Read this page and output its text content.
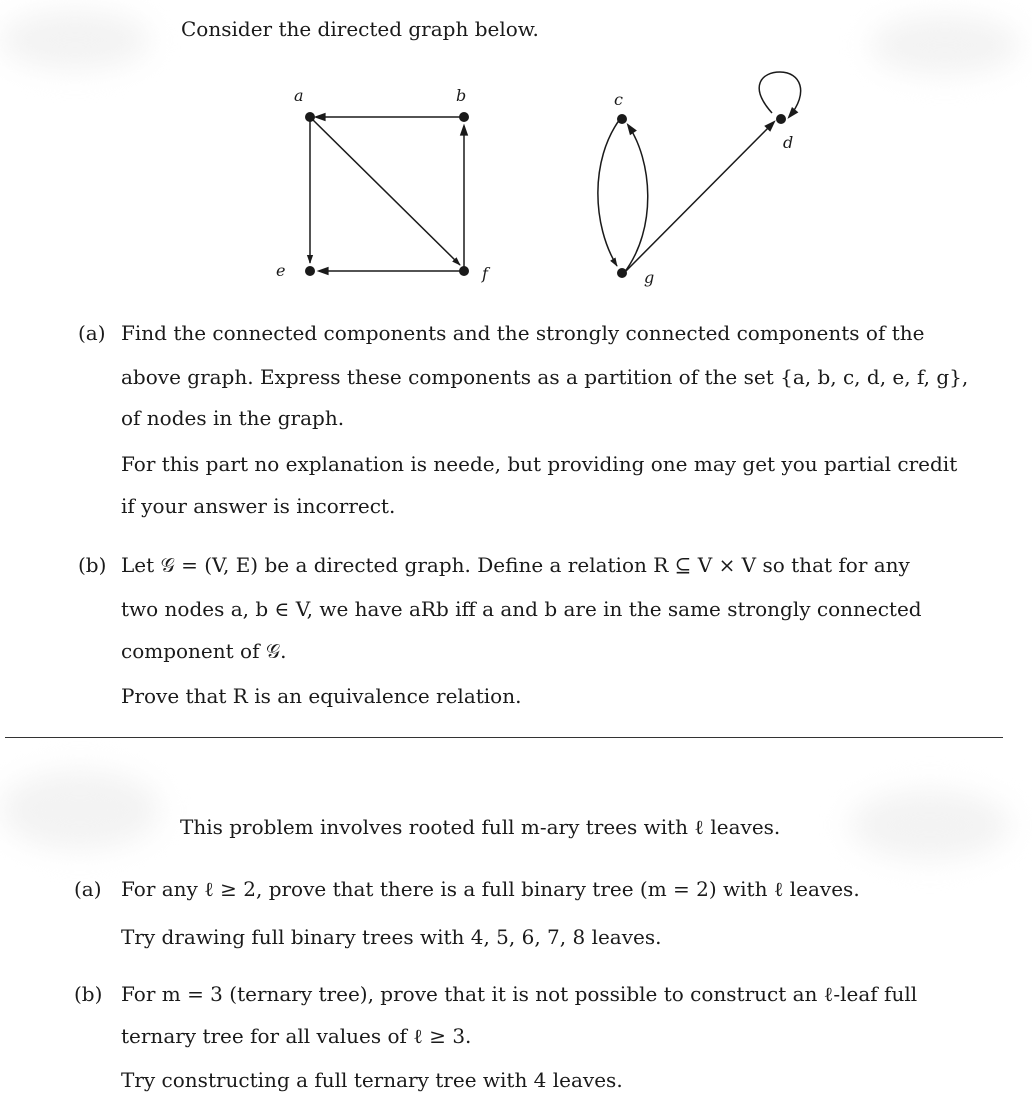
Consider the directed graph below.
a	b	c
d
e	f	g
(a) Find the connected components and the strongly connected components of the
above graph. Express these components as a partition of the set {a, b, c, d, e, f, g},
of nodes in the graph.
For this part no explanation is neede, but providing one may get you partial credit
if your answer is incorrect.
(b) Let 𝒢 = (V, E) be a directed graph. Define a relation R ⊆ V × V so that for any
two nodes a, b ∈ V, we have aRb iff a and b are in the same strongly connected
component of 𝒢.
Prove that R is an equivalence relation.
This problem involves rooted full m-ary trees with ℓ leaves.
(a) For any ℓ ≥ 2, prove that there is a full binary tree (m = 2) with ℓ leaves.
Try drawing full binary trees with 4, 5, 6, 7, 8 leaves.
(b) For m = 3 (ternary tree), prove that it is not possible to construct an ℓ-leaf full
ternary tree for all values of ℓ ≥ 3.
Try constructing a full ternary tree with 4 leaves.
